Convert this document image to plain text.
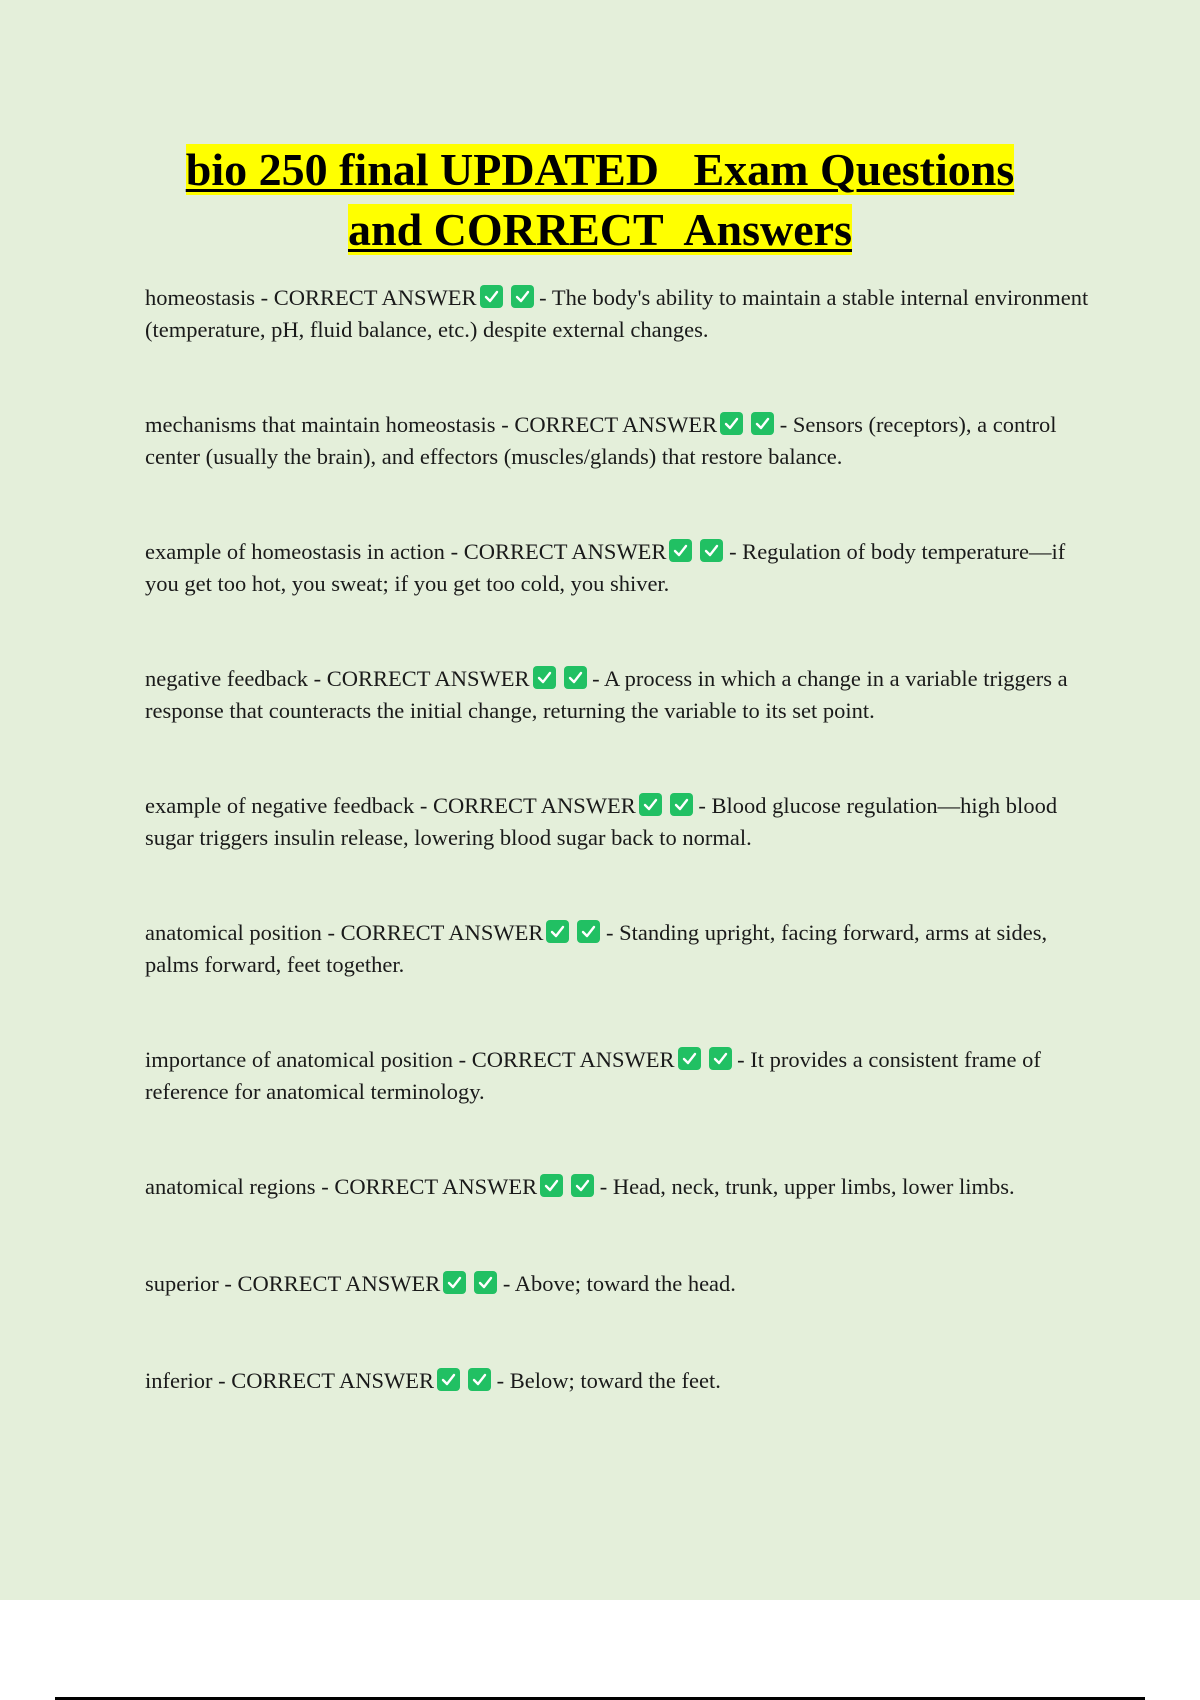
bio 250 final UPDATED   Exam Questions
and CORRECT  Answers

homeostasis - CORRECT ANSWER	- The body's ability to maintain a stable internal environment (temperature, pH, fluid balance, etc.) despite external changes.

mechanisms that maintain homeostasis - CORRECT ANSWER	- Sensors (receptors), a control center (usually the brain), and effectors (muscles/glands) that restore balance.

example of homeostasis in action - CORRECT ANSWER	- Regulation of body temperature—if you get too hot, you sweat; if you get too cold, you shiver.

negative feedback - CORRECT ANSWER	- A process in which a change in a variable triggers a response that counteracts the initial change, returning the variable to its set point.

example of negative feedback - CORRECT ANSWER	- Blood glucose regulation—high blood sugar triggers insulin release, lowering blood sugar back to normal.

anatomical position - CORRECT ANSWER	- Standing upright, facing forward, arms at sides, palms forward, feet together.

importance of anatomical position - CORRECT ANSWER	- It provides a consistent frame of reference for anatomical terminology.

anatomical regions - CORRECT ANSWER	- Head, neck, trunk, upper limbs, lower limbs.

superior - CORRECT ANSWER	- Above; toward the head.

inferior - CORRECT ANSWER	- Below; toward the feet.
